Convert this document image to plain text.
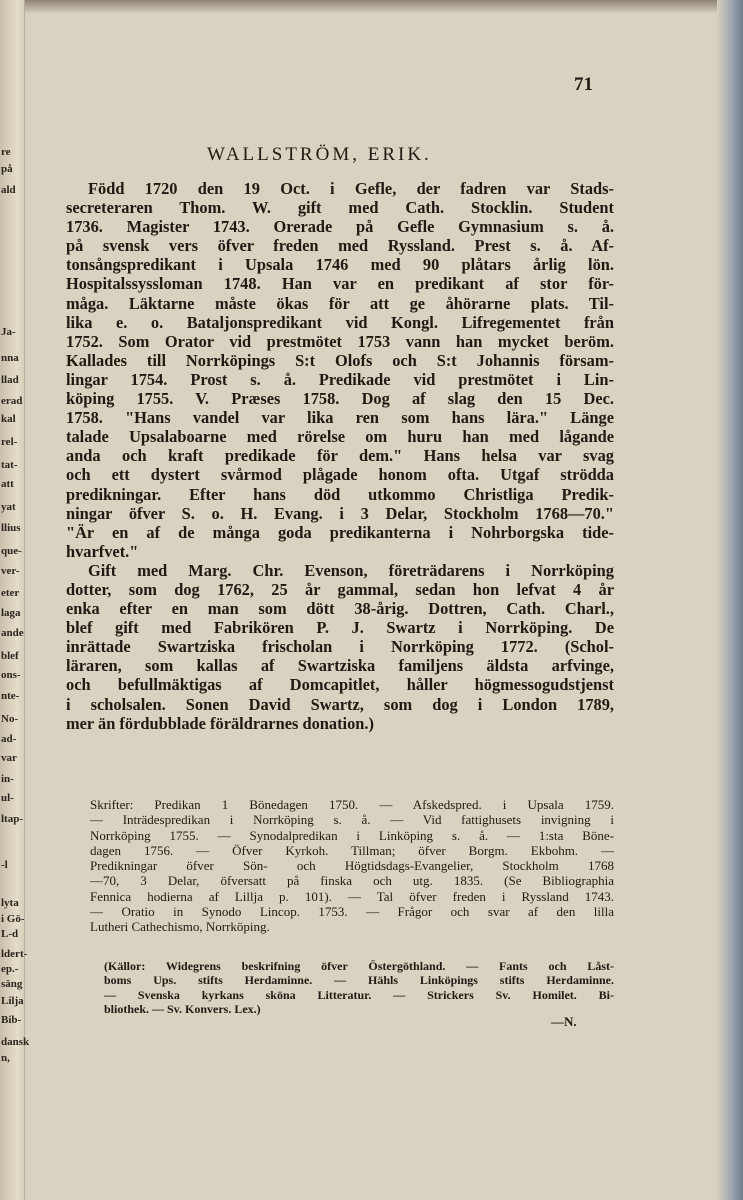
re
på
ald
Ja-
nna
llad
erad
kal
rel-
tat-
att
yat
llius
que-
ver-
eter
laga
ande
blef
ons-
nte-
No-
ad-
var
in-
ul-
ltap-
-l
lyta
i Gö-
L-d
ldert-
ep.-
säng
Lilja
Bib-
dansk
n,
71
WALLSTRÖM, ERIK.
Född 1720 den 19 Oct. i Gefle, der fadren var Stads-
secreteraren Thom. W. gift med Cath. Stocklin. Student
1736. Magister 1743. Orerade på Gefle Gymnasium s. å.
på svensk vers öfver freden med Ryssland. Prest s. å. Af-
tonsångspredikant i Upsala 1746 med 90 plåtars årlig lön.
Hospitalssyssloman 1748. Han var en predikant af stor för-
måga. Läktarne måste ökas för att ge åhörarne plats. Til-
lika e. o. Bataljonspredikant vid Kongl. Lifregementet från
1752. Som Orator vid prestmötet 1753 vann han mycket beröm.
Kallades till Norrköpings S:t Olofs och S:t Johannis försam-
lingar 1754. Prost s. å. Predikade vid prestmötet i Lin-
köping 1755. V. Præses 1758. Dog af slag den 15 Dec.
1758. "Hans vandel var lika ren som hans lära." Länge
talade Upsalaboarne med rörelse om huru han med lågande
anda och kraft predikade för dem." Hans helsa var svag
och ett dystert svårmod plågade honom ofta. Utgaf strödda
predikningar. Efter hans död utkommo Christliga Predik-
ningar öfver S. o. H. Evang. i 3 Delar, Stockholm 1768—70."
"Är en af de många goda predikanterna i Nohrborgska tide-
hvarfvet."
Gift med Marg. Chr. Evenson, företrädarens i Norrköping
dotter, som dog 1762, 25 år gammal, sedan hon lefvat 4 år
enka efter en man som dött 38-årig. Dottren, Cath. Charl.,
blef gift med Fabrikören P. J. Swartz i Norrköping. De
inrättade Swartziska frischolan i Norrköping 1772. (Schol-
läraren, som kallas af Swartziska familjens äldsta arfvinge,
och befullmäktigas af Domcapitlet, håller högmessogudstjenst
i scholsalen. Sonen David Swartz, som dog i London 1789,
mer än fördubblade föräldrarnes donation.)
Skrifter: Predikan 1 Bönedagen 1750. — Afskedspred. i Upsala 1759.
— Inträdespredikan i Norrköping s. å. — Vid fattighusets invigning i
Norrköping 1755. — Synodalpredikan i Linköping s. å. — 1:sta Böne-
dagen 1756. — Öfver Kyrkoh. Tillman; öfver Borgm. Ekbohm. —
Predikningar öfver Sön- och Högtidsdags-Evangelier, Stockholm 1768
—70, 3 Delar, öfversatt på finska och utg. 1835. (Se Bibliographia
Fennica hodierna af Lillja p. 101). — Tal öfver freden i Ryssland 1743.
— Oratio in Synodo Lincop. 1753. — Frågor och svar af den lilla
Lutheri Cathechismo, Norrköping.
(Källor: Widegrens beskrifning öfver Östergöthland. — Fants och Låst-
boms Ups. stifts Herdaminne. — Hähls Linköpings stifts Herdaminne.
— Svenska kyrkans sköna Litteratur. — Strickers Sv. Homilet. Bi-
bliothek. — Sv. Konvers. Lex.)
—N.
